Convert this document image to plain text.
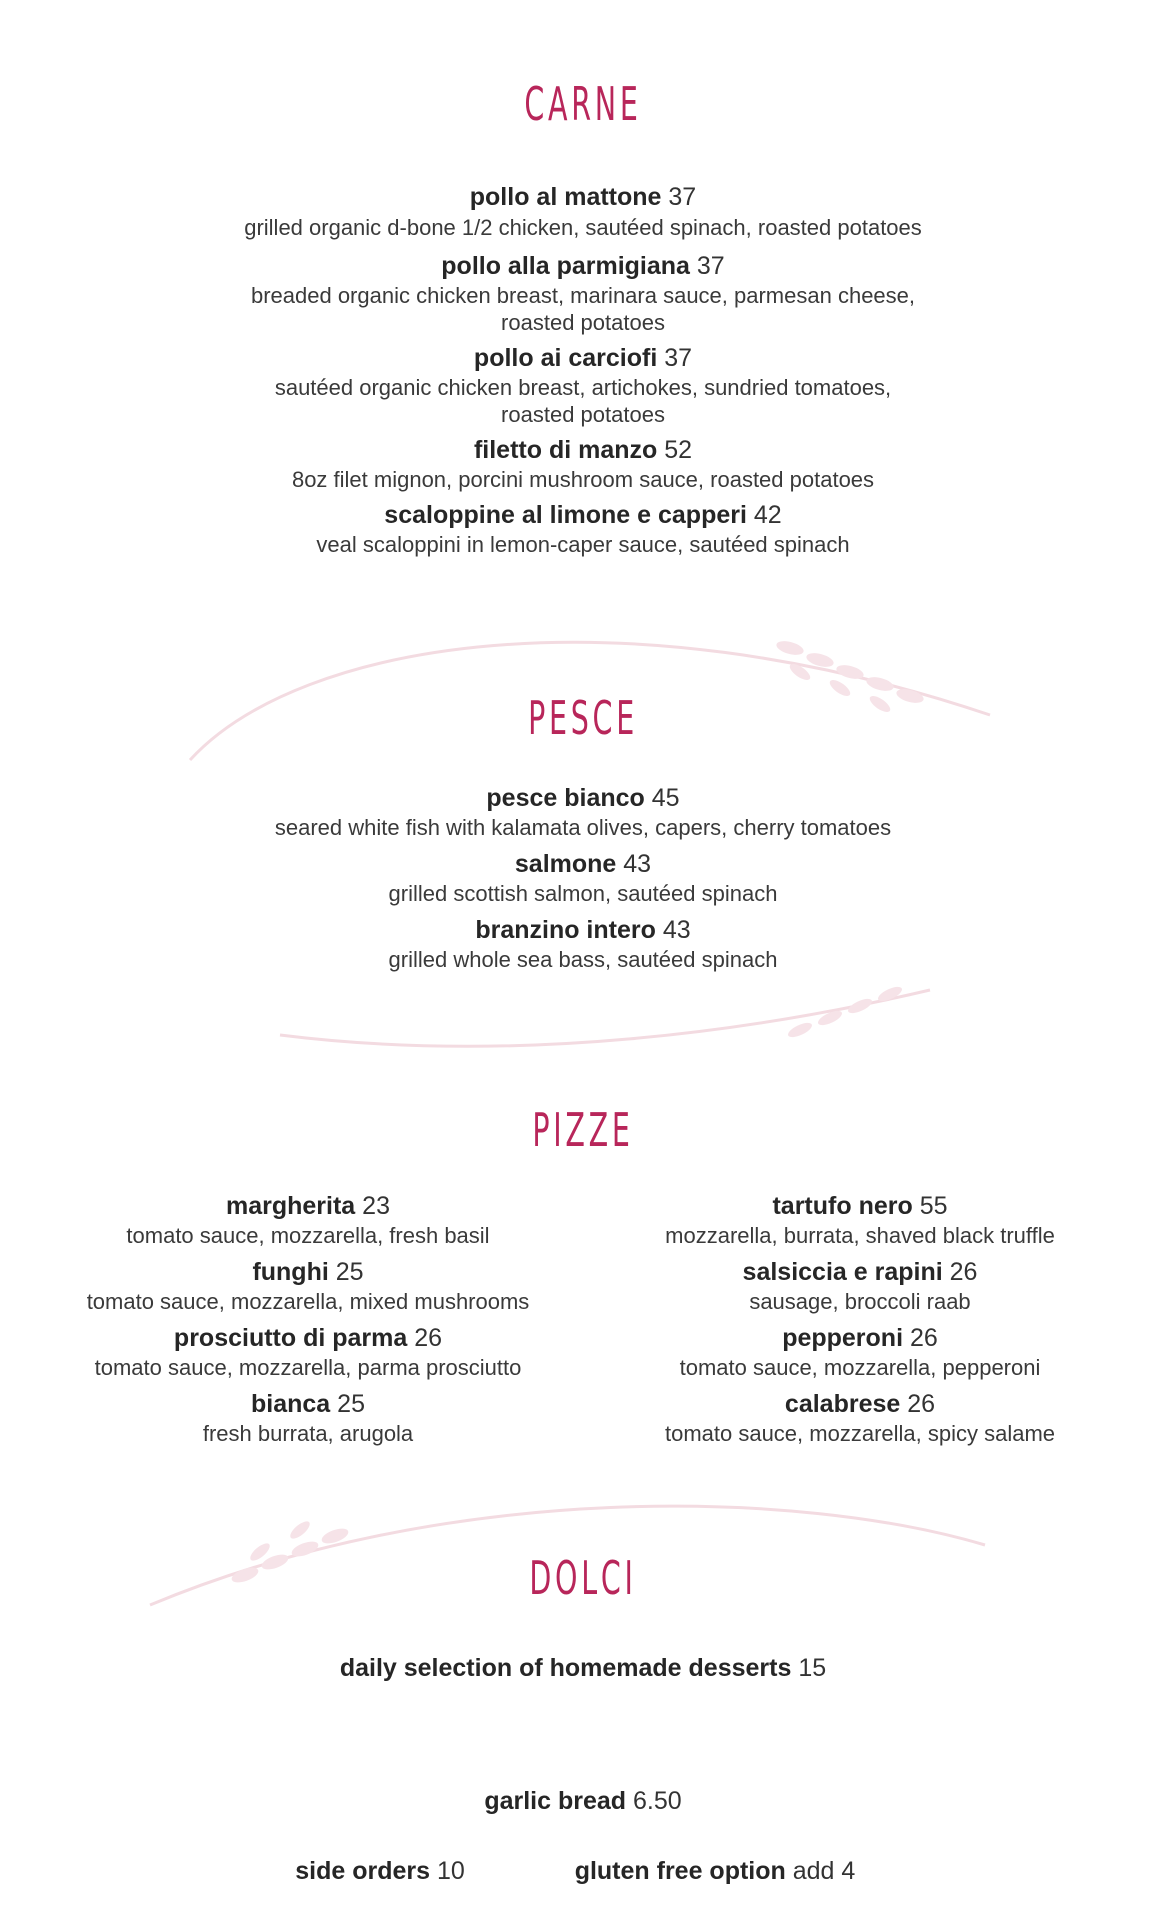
CARNE
pollo al mattone 37
grilled organic d-bone 1/2 chicken, sautéed spinach, roasted potatoes
pollo alla parmigiana 37
breaded organic chicken breast, marinara sauce, parmesan cheese,
roasted potatoes
pollo ai carciofi 37
sautéed organic chicken breast, artichokes, sundried tomatoes,
roasted potatoes
filetto di manzo 52
8oz filet mignon, porcini mushroom sauce, roasted potatoes
scaloppine al limone e capperi 42
veal scaloppini in lemon-caper sauce, sautéed spinach
PESCE
pesce bianco 45
seared white fish with kalamata olives, capers, cherry tomatoes
salmone 43
grilled scottish salmon, sautéed spinach
branzino intero 43
grilled whole sea bass, sautéed spinach
PIZZE
margherita 23
tomato sauce, mozzarella, fresh basil
funghi 25
tomato sauce, mozzarella, mixed mushrooms
prosciutto di parma 26
tomato sauce, mozzarella, parma prosciutto
bianca 25
fresh burrata, arugola
tartufo nero 55
mozzarella, burrata, shaved black truffle
salsiccia e rapini 26
sausage, broccoli raab
pepperoni 26
tomato sauce, mozzarella, pepperoni
calabrese 26
tomato sauce, mozzarella, spicy salame
DOLCI
daily selection of homemade desserts 15
garlic bread 6.50
side orders 10	gluten free option add 4
